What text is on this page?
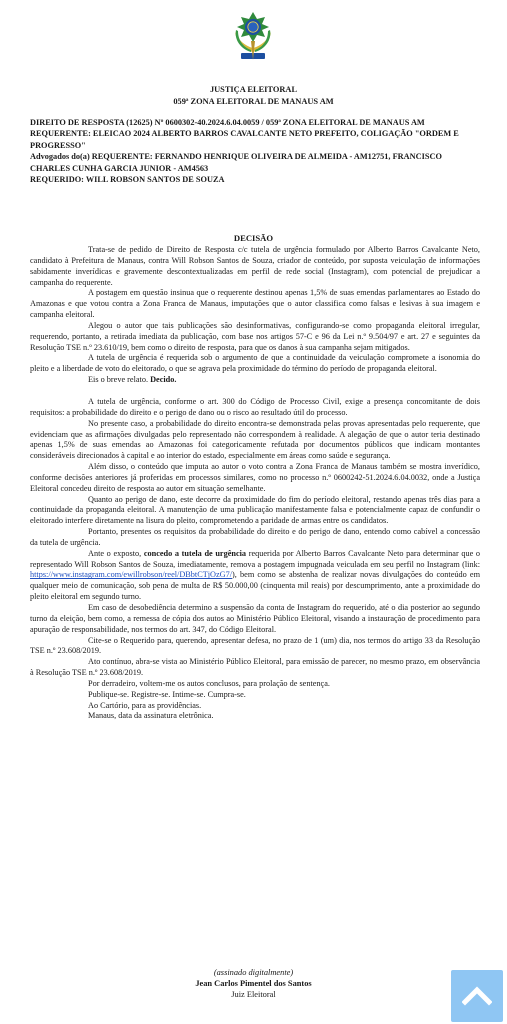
JUSTIÇA ELEITORAL
059ª ZONA ELEITORAL DE MANAUS AM

DIREITO DE RESPOSTA (12625) Nº 0600302-40.2024.6.04.0059 / 059ª ZONA ELEITORAL DE MANAUS AM

REQUERENTE: ELEICAO 2024 ALBERTO BARROS CAVALCANTE NETO PREFEITO, COLIGAÇÃO "ORDEM E PROGRESSO"

Advogados do(a) REQUERENTE: FERNANDO HENRIQUE OLIVEIRA DE ALMEIDA - AM12751, FRANCISCO CHARLES CUNHA GARCIA JUNIOR - AM4563

REQUERIDO: WILL ROBSON SANTOS DE SOUZA

DECISÃO

Trata-se de pedido de Direito de Resposta c/c tutela de urgência formulado por Alberto Barros Cavalcante Neto, candidato à Prefeitura de Manaus, contra Will Robson Santos de Souza, criador de conteúdo, por suposta veiculação de informações sabidamente inverídicas e gravemente descontextualizadas em perfil de rede social (Instagram), com potencial de prejudicar a campanha do requerente.

A postagem em questão insinua que o requerente destinou apenas 1,5% de suas emendas parlamentares ao Estado do Amazonas e que votou contra a Zona Franca de Manaus, imputações que o autor classifica como falsas e lesivas à sua imagem e campanha eleitoral.

Alegou o autor que tais publicações são desinformativas, configurando-se como propaganda eleitoral irregular, requerendo, portanto, a retirada imediata da publicação, com base nos artigos 57-C e 96 da Lei n.º 9.504/97 e art. 27 e seguintes da Resolução TSE n.º 23.610/19, bem como o direito de resposta, para que os danos à sua campanha sejam mitigados.

A tutela de urgência é requerida sob o argumento de que a continuidade da veiculação compromete a isonomia do pleito e a liberdade de voto do eleitorado, o que se agrava pela proximidade do término do período de propaganda eleitoral.

Eis o breve relato. Decido.

A tutela de urgência, conforme o art. 300 do Código de Processo Civil, exige a presença concomitante de dois requisitos: a probabilidade do direito e o perigo de dano ou o risco ao resultado útil do processo.

No presente caso, a probabilidade do direito encontra-se demonstrada pelas provas apresentadas pelo requerente, que evidenciam que as afirmações divulgadas pelo representado não correspondem à realidade. A alegação de que o autor teria destinado apenas 1,5% de suas emendas ao Amazonas foi categoricamente refutada por documentos públicos que indicam montantes consideráveis direcionados à capital e ao interior do estado, especialmente em áreas como saúde e segurança.

Além disso, o conteúdo que imputa ao autor o voto contra a Zona Franca de Manaus também se mostra inverídico, conforme decisões anteriores já proferidas em processos similares, como no processo n.º 0600242-51.2024.6.04.0032, onde a Justiça Eleitoral concedeu direito de resposta ao autor em situação semelhante.

Quanto ao perigo de dano, este decorre da proximidade do fim do período eleitoral, restando apenas três dias para a continuidade da propaganda eleitoral. A manutenção de uma publicação manifestamente falsa e potencialmente capaz de confundir o eleitorado interfere diretamente na lisura do pleito, comprometendo a paridade de armas entre os candidatos.

Portanto, presentes os requisitos da probabilidade do direito e do perigo de dano, entendo como cabível a concessão da tutela de urgência.

Ante o exposto, concedo a tutela de urgência requerida por Alberto Barros Cavalcante Neto para determinar que o representado Will Robson Santos de Souza, imediatamente, remova a postagem impugnada veiculada em seu perfil no Instagram (link: https://www.instagram.com/ewillrobson/reel/DBbtCTjOzG7/), bem como se abstenha de realizar novas divulgações do conteúdo em qualquer meio de comunicação, sob pena de multa de R$ 50.000,00 (cinquenta mil reais) por descumprimento, ante a proximidade do pleito eleitoral em segundo turno.

Em caso de desobediência determino a suspensão da conta de Instagram do requerido, até o dia posterior ao segundo turno da eleição, bem como, a remessa de cópia dos autos ao Ministério Público Eleitoral, visando a instauração de procedimento para apuração de responsabilidade, nos termos do art. 347, do Código Eleitoral.

Cite-se o Requerido para, querendo, apresentar defesa, no prazo de 1 (um) dia, nos termos do artigo 33 da Resolução TSE n.º 23.608/2019.

Ato contínuo, abra-se vista ao Ministério Público Eleitoral, para emissão de parecer, no mesmo prazo, em observância à Resolução TSE n.º 23.608/2019.

Por derradeiro, voltem-me os autos conclusos, para prolação de sentença.

Publique-se. Registre-se. Intime-se. Cumpra-se.

Ao Cartório, para as providências.

Manaus, data da assinatura eletrônica.

(assinado digitalmente)
Jean Carlos Pimentel dos Santos
Juiz Eleitoral
